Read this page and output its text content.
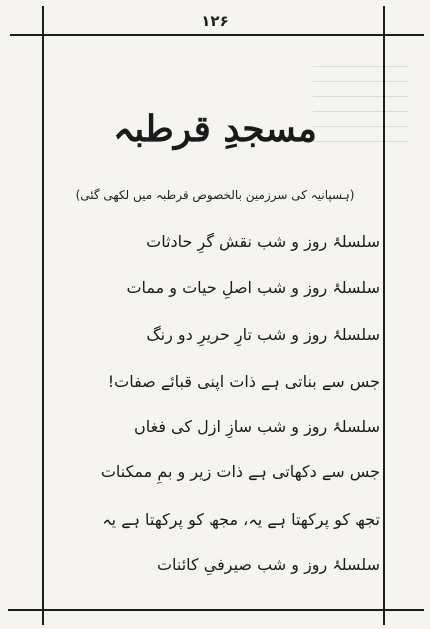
۱۲۶
مسجدِ قرطبہ
(ہسپانیہ کی سرزمین بالخصوص قرطبہ میں لکھی گئی)
سلسلۂ روز و شب نقش گرِ حادثات
سلسلۂ روز و شب اصلِ حیات و ممات
سلسلۂ روز و شب تارِ حریرِ دو رنگ
جس سے بناتی ہے ذات اپنی قبائے صفات!
سلسلۂ روز و شب سازِ ازل کی فغاں
جس سے دکھاتی ہے ذات زیر و بمِ ممکنات
تجھ کو پرکھتا ہے یہ، مجھ کو پرکھتا ہے یہ
سلسلۂ روز و شب صیرفیِ کائنات
